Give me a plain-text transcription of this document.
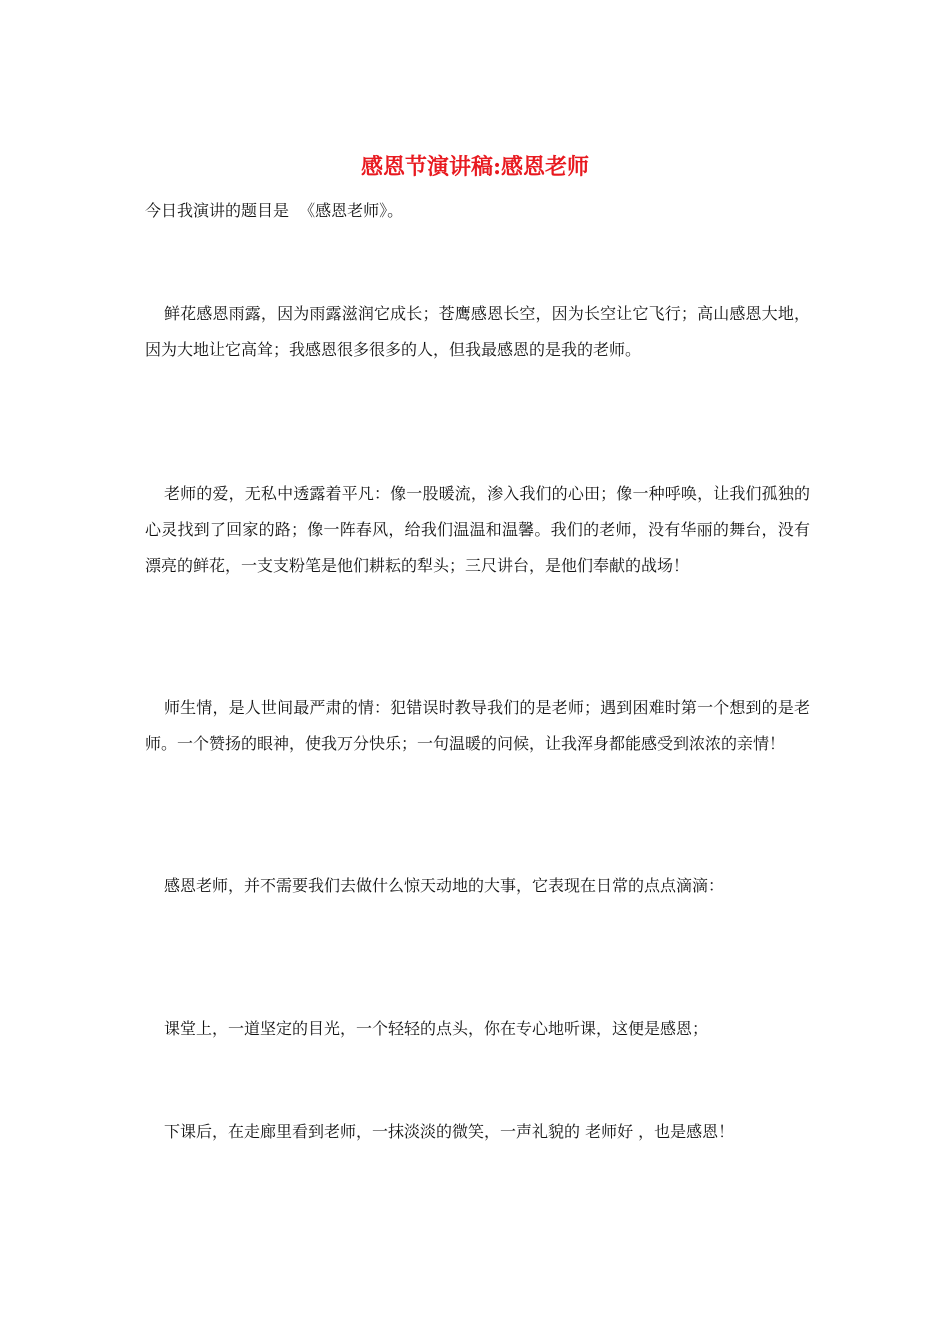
感恩节演讲稿:感恩老师

今日我演讲的题目是  《感恩老师》。

鲜花感恩雨露，因为雨露滋润它成长；苍鹰感恩长空，因为长空让它飞行；高山感恩大地，因为大地让它高耸；我感恩很多很多的人，但我最感恩的是我的老师。

老师的爱，无私中透露着平凡：像一股暖流，渗入我们的心田；像一种呼唤，让我们孤独的心灵找到了回家的路；像一阵春风，给我们温温和温馨。我们的老师，没有华丽的舞台，没有漂亮的鲜花，一支支粉笔是他们耕耘的犁头；三尺讲台，是他们奉献的战场！

师生情，是人世间最严肃的情：犯错误时教导我们的是老师；遇到困难时第一个想到的是老师。一个赞扬的眼神，使我万分快乐；一句温暖的问候，让我浑身都能感受到浓浓的亲情！

感恩老师，并不需要我们去做什么惊天动地的大事，它表现在日常的点点滴滴：

课堂上，一道坚定的目光，一个轻轻的点头，你在专心地听课，这便是感恩；

下课后，在走廊里看到老师，一抹淡淡的微笑，一声礼貌的 老师好 ，也是感恩！
